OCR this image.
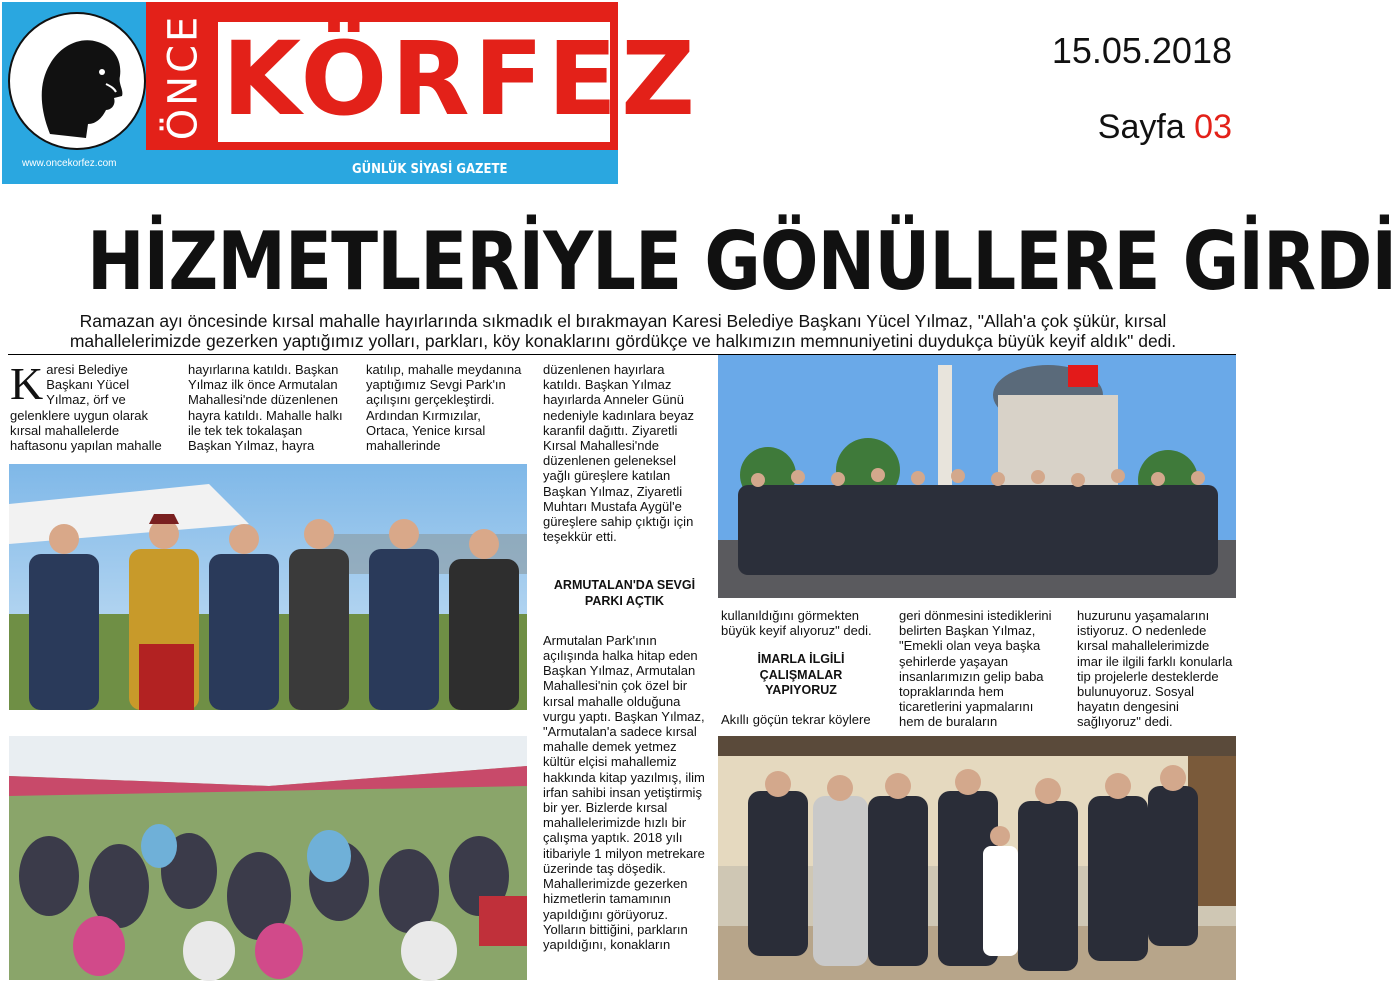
www.oncekorfez.com
ÖNCE KÖRFEZ
GÜNLÜK SİYASİ GAZETE
15.05.2018
Sayfa 03
HİZMETLERİYLE GÖNÜLLERE GİRDİ
Ramazan ayı öncesinde kırsal mahalle hayırlarında sıkmadık el bırakmayan Karesi Belediye Başkanı Yücel Yılmaz, "Allah'a çok şükür, kırsal mahallelerimizde gezerken yaptığımız yolları, parkları, köy konaklarını gördükçe ve halkımızın memnuniyetini duydukça büyük keyif aldık" dedi.
Karesi Belediye Başkanı Yücel Yılmaz, örf ve gelenklere uygun olarak kırsal mahallelerde haftasonu yapılan mahalle
hayırlarına katıldı. Başkan Yılmaz ilk önce Armutalan Mahallesi'nde düzenlenen hayra katıldı. Mahalle halkı ile tek tek tokalaşan Başkan Yılmaz, hayra
katılıp, mahalle meydanına yaptığımız Sevgi Park'ın açılışını gerçekleştirdi. Ardından Kırmızılar, Ortaca, Yenice kırsal mahallerinde
düzenlenen hayırlara katıldı. Başkan Yılmaz hayırlarda Anneler Günü nedeniyle kadınlara beyaz karanfil dağıttı. Ziyaretli Kırsal Mahallesi'nde düzenlenen geleneksel yağlı güreşlere katılan Başkan Yılmaz, Ziyaretli Muhtarı Mustafa Aygül'e güreşlere sahip çıktığı için teşekkür etti.
ARMUTALAN'DA SEVGİ PARKI AÇTIK
Armutalan Park'ının açılışında halka hitap eden Başkan Yılmaz, Armutalan Mahallesi'nin çok özel bir kırsal mahalle olduğuna vurgu yaptı. Başkan Yılmaz, "Armutalan'a sadece kırsal mahalle demek yetmez kültür elçisi mahallemiz hakkında kitap yazılmış, ilim irfan sahibi insan yetiştirmiş bir yer. Bizlerde kırsal mahallelerimizde hızlı bir çalışma yaptık. 2018 yılı itibariyle 1 milyon metrekare üzerinde taş döşedik. Mahallerimizde gezerken hizmetlerin tamamının yapıldığını görüyoruz. Yolların bittiğini, parkların yapıldığını, konakların
kullanıldığını görmekten büyük keyif alıyoruz" dedi.
İMARLA İLGİLİ ÇALIŞMALAR YAPIYORUZ
Akıllı göçün tekrar köylere
geri dönmesini istediklerini belirten Başkan Yılmaz, "Emekli olan veya başka şehirlerde yaşayan insanlarımızın gelip baba topraklarında hem ticaretlerini yapmalarını hem de buraların
huzurunu yaşamalarını istiyoruz. O nedenlede kırsal mahallelerimizde imar ile ilgili farklı konularla tip projelerle desteklerde bulunuyoruz. Sosyal hayatın dengesini sağlıyoruz" dedi.
